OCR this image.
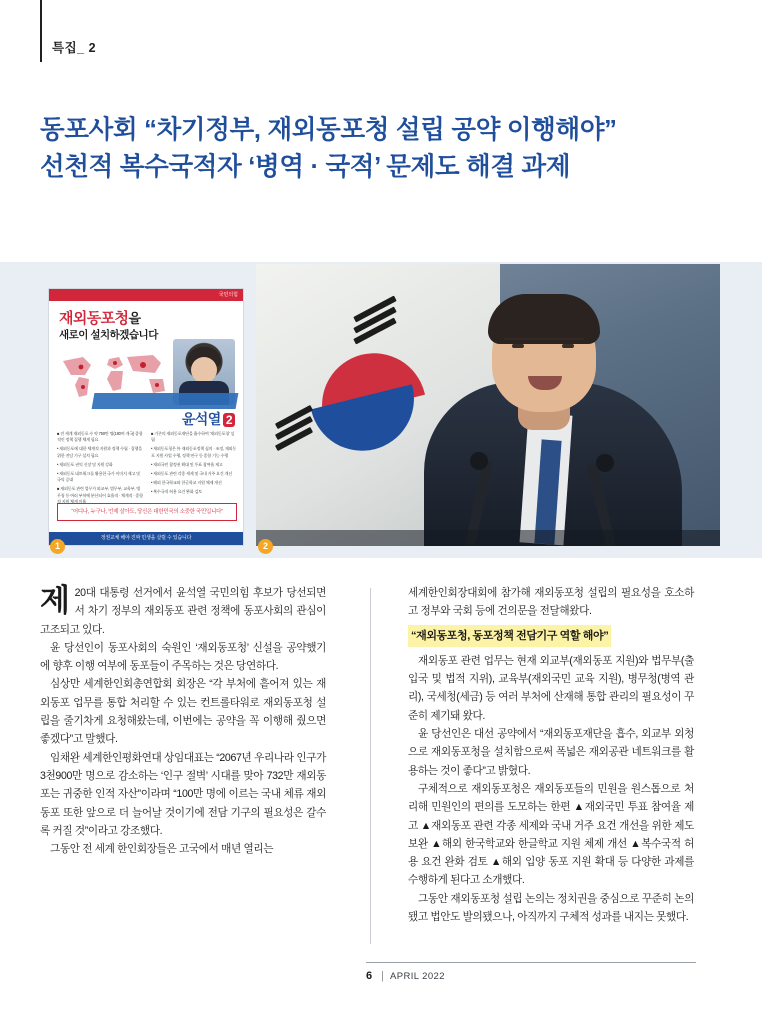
특집_ 2
동포사회 “차기정부, 재외동포청 설립 공약 이행해야”
선천적 복수국적자 ‘병역 · 국적’ 문제도 해결 과제
국민의힘
재외동포청을
새로이 설치하겠습니다
윤석열 2
■ 전 세계 재외동포 수 약 750만 명(180여 개국) 종합적인 정책 집행 체계 필요
• 재외동포에 대한 체계적 지원과 정책 수립 · 집행을 위한 전담 기구 설치 필요
• 재외동포 권익 신장 및 지원 강화
• 재외동포 네트워크를 활용한 국가 이미지 제고 및 국익 증대
■ 재외동포 관련 업무가 외교부, 법무부, 교육부, 병무청 등 여러 부처에 분산되어 효율적 · 체계적 · 종합적 지원 체계 미흡
■ 기존의 재외동포재단을 흡수하여 ‘재외동포청’ 설립
• 재외동포청은 外 재외동포정책 심의 · 조정, 재외동포 지원 사업 수행, 정책 연구 등 종합 기능 수행
• 재외국민 참정권 확대 및 투표 참여율 제고
• 재외동포 관련 각종 세제 및 국내 거주 요건 개선
• 해외 한국학교와 한글학교 지원 체제 개선
• 복수국적 허용 요건 완화 검토
“어디나, 누구나, 언제 살아도, 당신은 대한민국의 소중한 국민입니다”
정권교체 해야 진짜 민생을 살릴 수 있습니다
1	2

제 20대 대통령 선거에서 윤석열 국민의힘 후보가 당선되면서 차기 정부의 재외동포 관련 정책에 동포사회의 관심이 고조되고 있다.

윤 당선인이 동포사회의 숙원인 ‘재외동포청’ 신설을 공약했기에 향후 이행 여부에 동포들이 주목하는 것은 당연하다.

심상만 세계한인회총연합회 회장은 “각 부처에 흩어져 있는 재외동포 업무를 통합 처리할 수 있는 컨트롤타워로 재외동포청 설립을 줄기차게 요청해왔는데, 이번에는 공약을 꼭 이행해 줬으면 좋겠다”고 말했다.

임채완 세계한인평화연대 상임대표는 “2067년 우리나라 인구가 3천900만 명으로 감소하는 ‘인구 절벽’ 시대를 맞아 732만 재외동포는 귀중한 인적 자산”이라며 “100만 명에 이르는 국내 체류 재외동포 또한 앞으로 더 늘어날 것이기에 전담 기구의 필요성은 갈수록 커질 것”이라고 강조했다.

그동안 전 세계 한인회장들은 고국에서 매년 열리는

세계한인회장대회에 참가해 재외동포청 설립의 필요성을 호소하고 정부와 국회 등에 건의문을 전달해왔다.

“재외동포청, 동포정책 전담기구 역할 해야”

재외동포 관련 업무는 현재 외교부(재외동포 지원)와 법무부(출입국 및 법적 지위), 교육부(재외국민 교육 지원), 병무청(병역 관리), 국세청(세금) 등 여러 부처에 산재해 통합 관리의 필요성이 꾸준히 제기돼 왔다.

윤 당선인은 대선 공약에서 “재외동포재단을 흡수, 외교부 외청으로 재외동포청을 설치함으로써 폭넓은 재외공관 네트워크를 활용하는 것이 좋다”고 밝혔다.

구체적으로 재외동포청은 재외동포들의 민원을 원스톱으로 처리해 민원인의 편의를 도모하는 한편 ▲재외국민 투표 참여율 제고 ▲재외동포 관련 각종 세제와 국내 거주 요건 개선을 위한 제도 보완 ▲해외 한국학교와 한글학교 지원 체제 개선 ▲복수국적 허용 요건 완화 검토 ▲해외 입양 동포 지원 확대 등 다양한 과제를 수행하게 된다고 소개했다.

그동안 재외동포청 설립 논의는 정치권을 중심으로 꾸준히 논의됐고 법안도 발의됐으나, 아직까지 구체적 성과를 내지는 못했다.

6 | APRIL 2022
